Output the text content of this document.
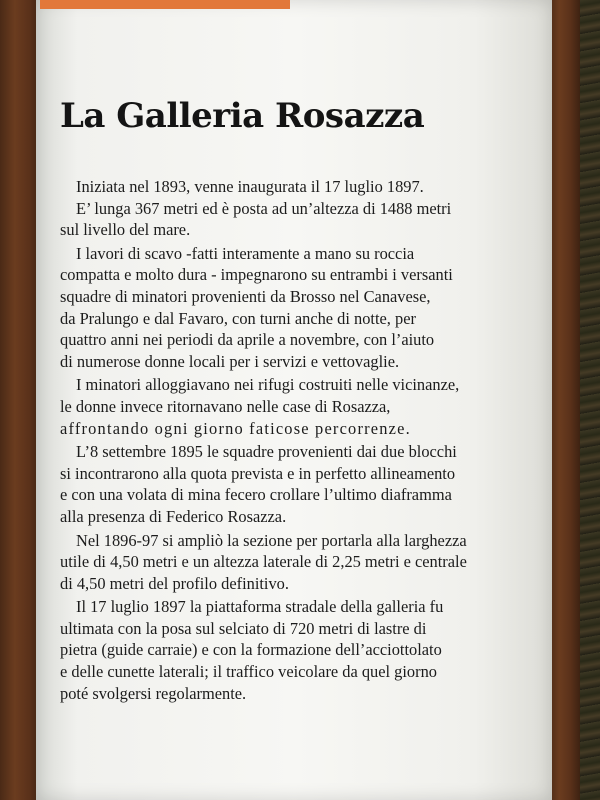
La Galleria Rosazza
Iniziata nel 1893, venne inaugurata il 17 luglio 1897.
E’ lunga 367 metri ed è posta ad un’altezza di 1488 metri
sul livello del mare.
I lavori di scavo -fatti interamente a mano su roccia
compatta e molto dura - impegnarono su entrambi i versanti
squadre di minatori provenienti da Brosso nel Canavese,
da Pralungo e dal Favaro, con turni anche di notte, per
quattro anni nei periodi da aprile a novembre, con l’aiuto
di numerose donne locali per i servizi e vettovaglie.
I minatori alloggiavano nei rifugi costruiti nelle vicinanze,
le donne invece ritornavano nelle case di Rosazza,
affrontando ogni giorno faticose percorrenze.
L’8 settembre 1895 le squadre provenienti dai due blocchi
si incontrarono alla quota prevista e in perfetto allineamento
e con una volata di mina fecero crollare l’ultimo diaframma
alla presenza di Federico Rosazza.
Nel 1896-97 si ampliò la sezione per portarla alla larghezza
utile di 4,50 metri e un altezza laterale di 2,25 metri e centrale
di 4,50 metri del profilo definitivo.
Il 17 luglio 1897 la piattaforma stradale della galleria fu
ultimata con la posa sul selciato di 720 metri di lastre di
pietra (guide carraie) e con la formazione dell’acciottolato
e delle cunette laterali; il traffico veicolare da quel giorno
poté svolgersi regolarmente.
